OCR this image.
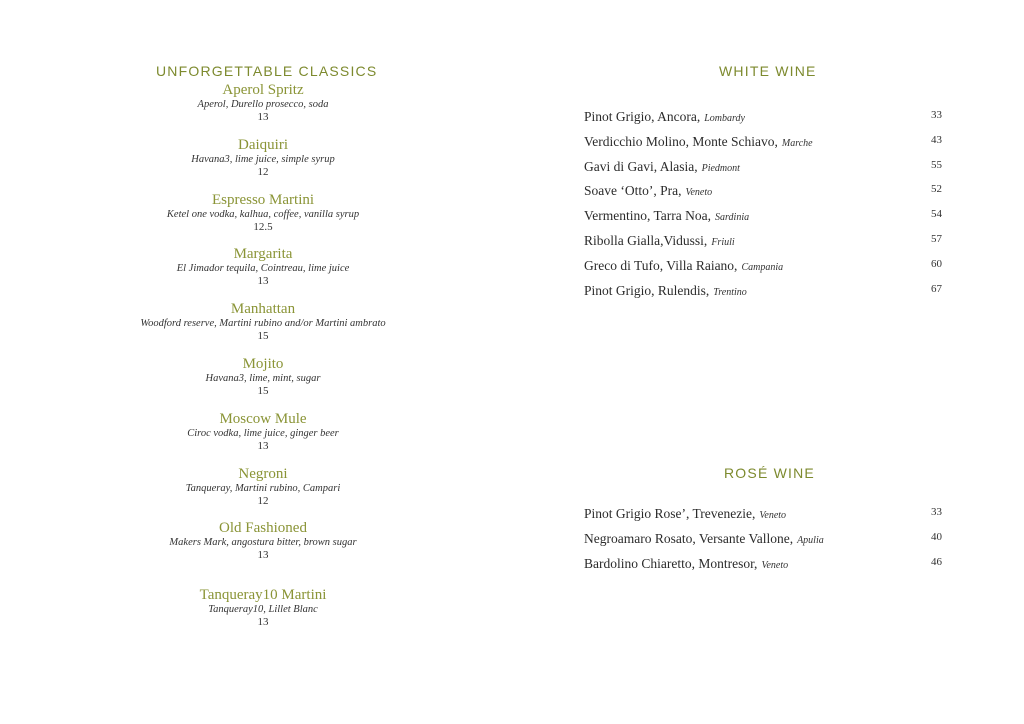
UNFORGETTABLE CLASSICS	WHITE WINE
ROSÉ WINE
Aperol Spritz
Aperol, Durello prosecco, soda
13
Daiquiri
Havana3, lime juice, simple syrup
12
Espresso Martini
Ketel one vodka, kalhua, coffee, vanilla syrup
12.5
Margarita
El Jimador tequila, Cointreau, lime juice
13
Manhattan
Woodford reserve, Martini rubino and/or Martini ambrato
15
Mojito
Havana3, lime, mint, sugar
15
Moscow Mule
Ciroc vodka, lime juice, ginger beer
13
Negroni
Tanqueray, Martini rubino, Campari
12
Old Fashioned
Makers Mark, angostura bitter, brown sugar
13
Tanqueray10 Martini
Tanqueray10, Lillet Blanc
13
Pinot Grigio, Ancora, Lombardy	33
Verdicchio Molino, Monte Schiavo, Marche	43
Gavi di Gavi, Alasia, Piedmont	55
Soave ‘Otto’, Pra, Veneto	52
Vermentino, Tarra Noa, Sardinia	54
Ribolla Gialla,Vidussi, Friuli	57
Greco di Tufo, Villa Raiano, Campania	60
Pinot Grigio, Rulendis, Trentino	67
Pinot Grigio Rose’, Trevenezie, Veneto	33
Negroamaro Rosato, Versante Vallone, Apulia	40
Bardolino Chiaretto, Montresor, Veneto	46
